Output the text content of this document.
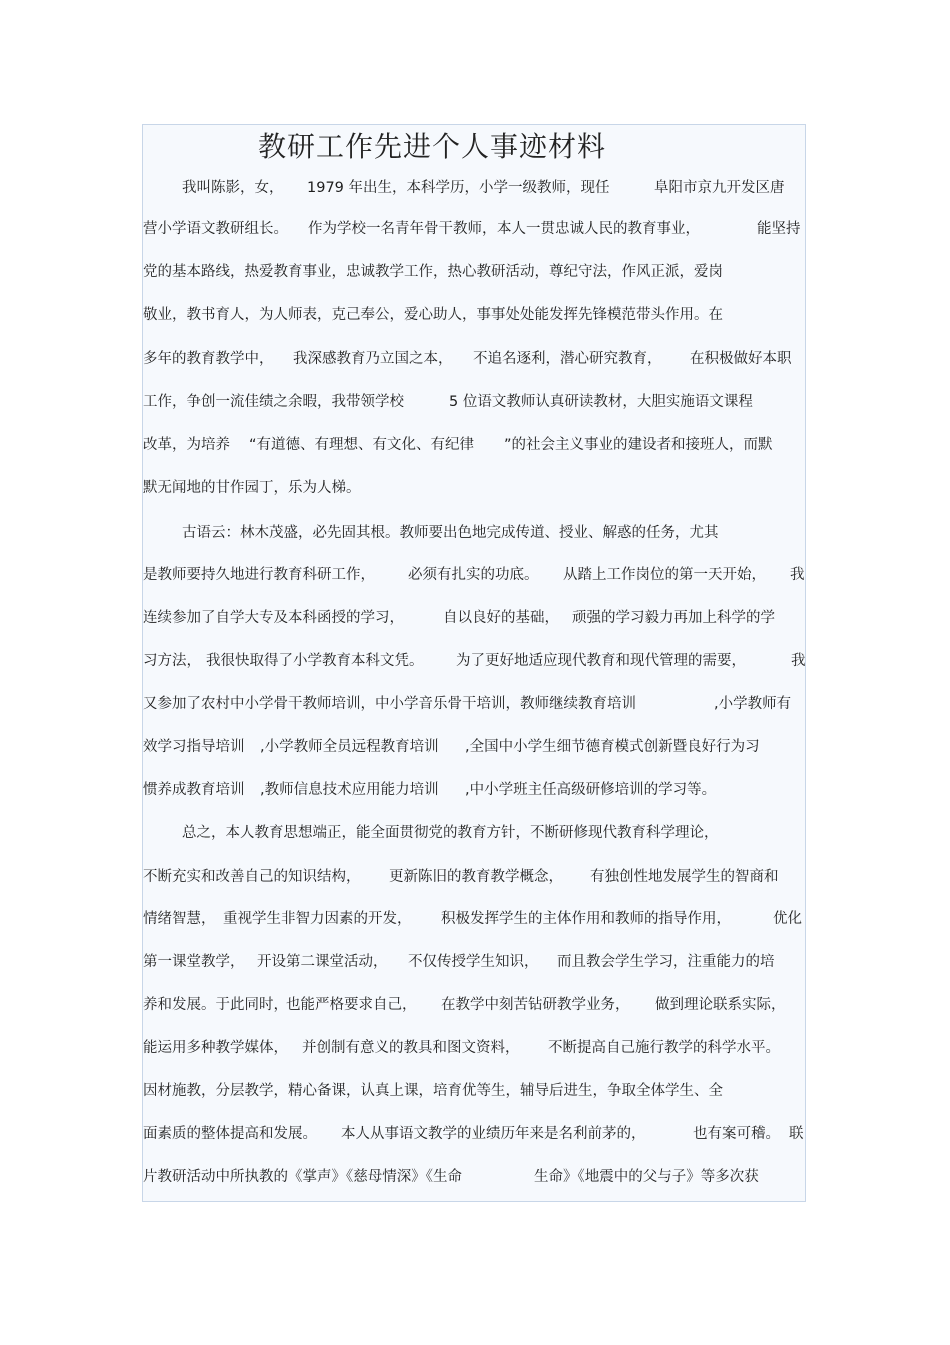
教研工作先进个人事迹材料
我叫陈影，女， 1979 年出生，本科学历，小学一级教师，现任	阜阳市京九开发区唐
营小学语文教研组长。 作为学校一名青年骨干教师， 本人一贯忠诚人民的教育事业，	能坚持
党的基本路线，热爱教育事业，忠诚教学工作，热心教研活动，尊纪守法，作风正派，爱岗
敬业，教书育人，为人师表，克己奉公，爱心助人，事事处处能发挥先锋模范带头作用。在
多年的教育教学中， 我深感教育乃立国之本， 不追名逐利，潜心研究教育， 在积极做好本职
工作，争创一流佳绩之余暇，我带领学校	5 位语文教师认真研读教材，大胆实施语文课程
改革，为培养 “有道德、有理想、有文化、有纪律 ”的社会主义事业的建设者和接班人，而默
默无闻地的甘作园丁，乐为人梯。
古语云：林木茂盛，必先固其根。教师要出色地完成传道、授业、解惑的任务，尤其
是教师要持久地进行教育科研工作， 必须有扎实的功底。 从踏上工作岗位的第一天开始， 我
连续参加了自学大专及本科函授的学习，	自以良好的基础， 顽强的学习毅力再加上科学的学
习方法， 我很快取得了小学教育本科文凭。 为了更好地适应现代教育和现代管理的需要，	我
又参加了农村中小学骨干教师培训，中小学音乐骨干培训，教师继续教育培训	,小学教师有
效学习指导培训 ,小学教师全员远程教育培训 ,全国中小学生细节德育模式创新暨良好行为习
惯养成教育培训 ,教师信息技术应用能力培训 ,中小学班主任高级研修培训的学习等。
总之，本人教育思想端正，能全面贯彻党的教育方针，不断研修现代教育科学理论，
不断充实和改善自己的知识结构， 更新陈旧的教育教学概念， 有独创性地发展学生的智商和
情绪智慧， 重视学生非智力因素的开发， 积极发挥学生的主体作用和教师的指导作用，	优化
第一课堂教学， 开设第二课堂活动， 不仅传授学生知识， 而且教会学生学习，注重能力的培
养和发展。于此同时，
也能严格要求自己， 在教学中刻苦钻研教学业务， 做到理论联系实际，
能运用多种教学媒体， 并创制有意义的教具和图文资料， 不断提高自己施行教学的科学水平。
因材施教，分层教学，精心备课，认真上课，培育优等生，辅导后进生，争取全体学生、全
面素质的整体提高和发展。 本人从事语文教学的业绩历年来是名利前茅的，	也有案可稽。 联
片教研活动中所执教的《掌声》《慈母情深》《生命	生命》《地震中的父与子》等多次获
